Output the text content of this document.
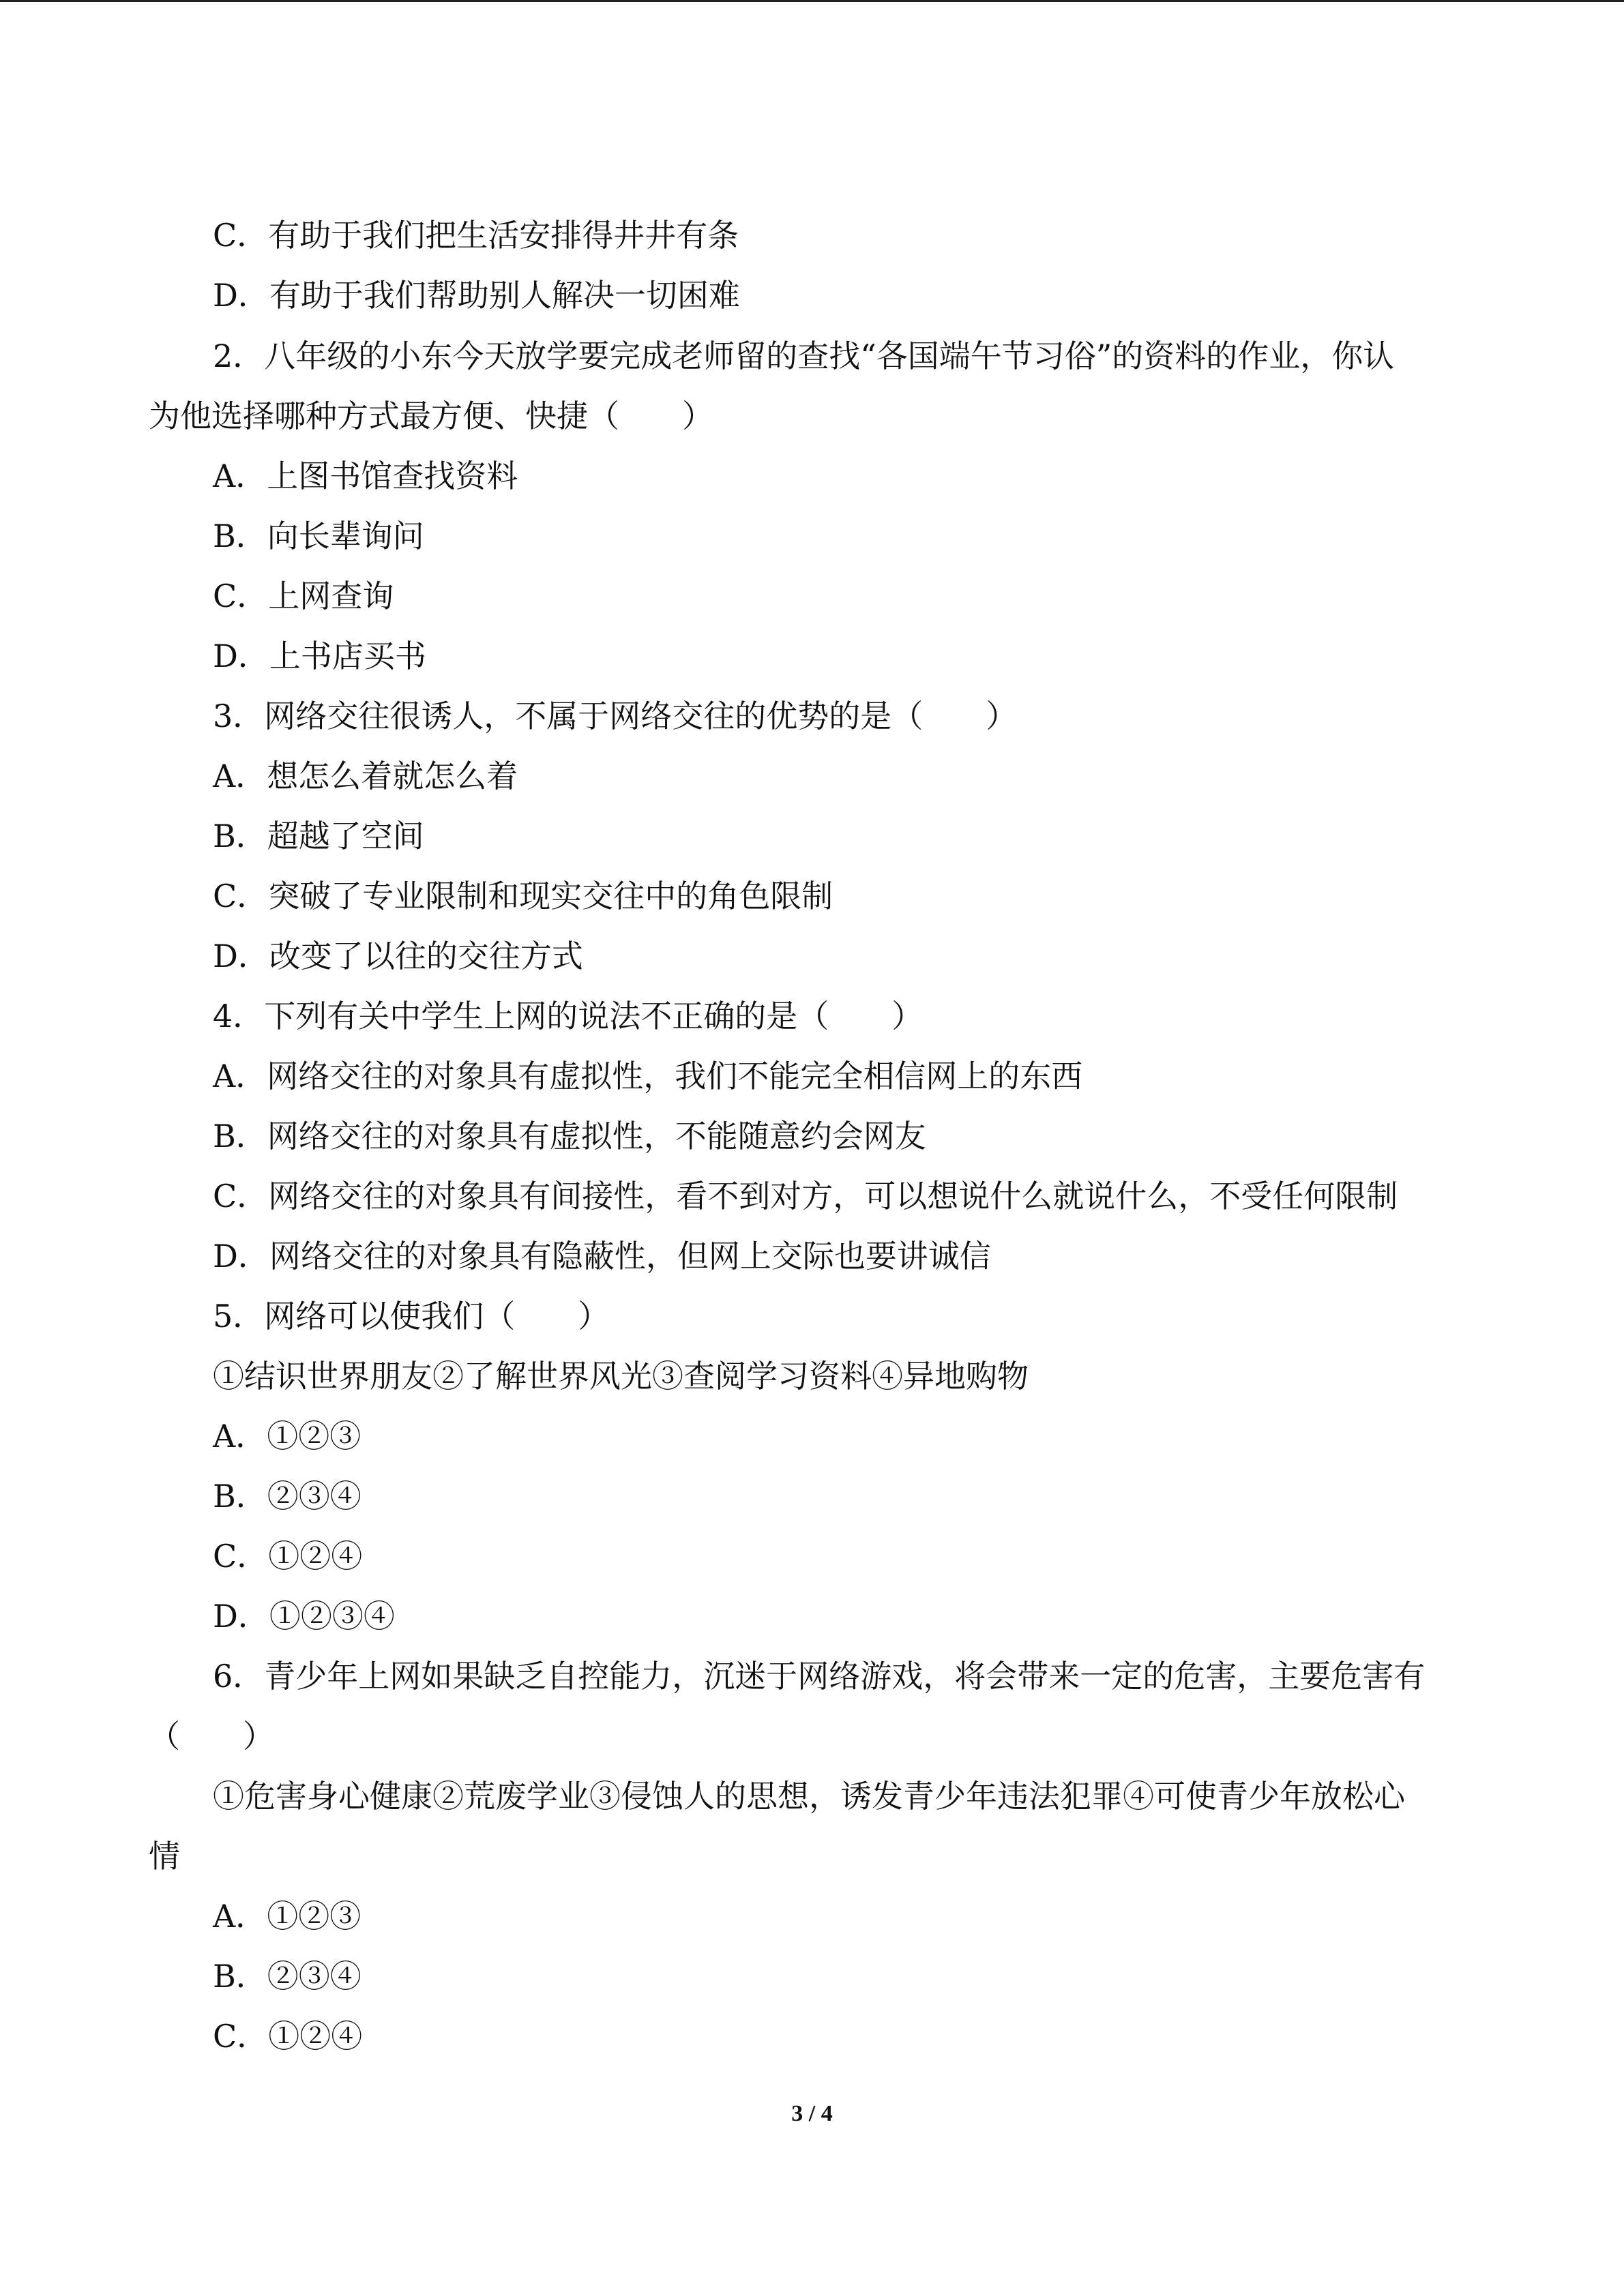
C．有助于我们把生活安排得井井有条
D．有助于我们帮助别人解决一切困难
2．八年级的小东今天放学要完成老师留的查找“各国端午节习俗”的资料的作业，你认
为他选择哪种方式最方便、快捷（　　）
A．上图书馆查找资料
B．向长辈询问
C．上网查询
D．上书店买书
3．网络交往很诱人，不属于网络交往的优势的是（　　）
A．想怎么着就怎么着
B．超越了空间
C．突破了专业限制和现实交往中的角色限制
D．改变了以往的交往方式
4．下列有关中学生上网的说法不正确的是（　　）
A．网络交往的对象具有虚拟性，我们不能完全相信网上的东西
B．网络交往的对象具有虚拟性，不能随意约会网友
C．网络交往的对象具有间接性，看不到对方，可以想说什么就说什么，不受任何限制
D．网络交往的对象具有隐蔽性，但网上交际也要讲诚信
5．网络可以使我们（　　）
①结识世界朋友②了解世界风光③查阅学习资料④异地购物
A．①②③
B．②③④
C．①②④
D．①②③④
6．青少年上网如果缺乏自控能力，沉迷于网络游戏，将会带来一定的危害，主要危害有
（　　）
①危害身心健康②荒废学业③侵蚀人的思想，诱发青少年违法犯罪④可使青少年放松心
情
A．①②③
B．②③④
C．①②④
3 / 4
